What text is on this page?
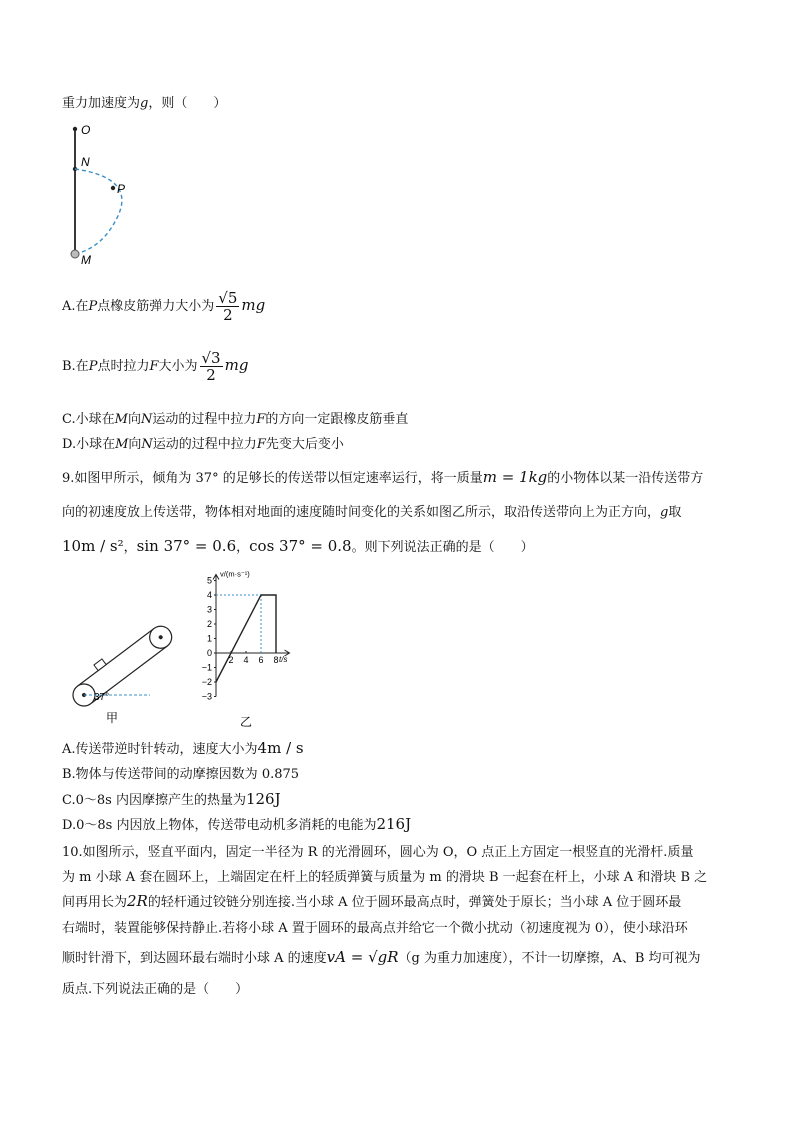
重力加速度为g，则（　　）
O
N
P
M
A.在P点橡皮筋弹力大小为 $\frac{√5}{2}$ mg
B.在P点时拉力F大小为 $\frac{√3}{2}$ mg
C.小球在M向N运动的过程中拉力F的方向一定跟橡皮筋垂直
D.小球在M向N运动的过程中拉力F先变大后变小
9.如图甲所示，倾角为 37° 的足够长的传送带以恒定速率运行，将一质量m = 1kg的小物体以某一沿传送带方
向的初速度放上传送带，物体相对地面的速度随时间变化的关系如图乙所示，取沿传送带向上为正方向，g取
10m / s²，sin 37° = 0.6，cos 37° = 0.8。则下列说法正确的是（　　）
37°
甲
v/(m·s⁻¹)
t/s
−3
−2
−1
0
1
2
3
4
5
2 4 6 8
乙
A.传送带逆时针转动，速度大小为4m / s
B.物体与传送带间的动摩擦因数为 0.875
C.0～8s 内因摩擦产生的热量为126J
D.0～8s 内因放上物体，传送带电动机多消耗的电能为216J
10.如图所示，竖直平面内，固定一半径为 R 的光滑圆环，圆心为 O，O 点正上方固定一根竖直的光滑杆.质量
为 m 小球 A 套在圆环上，上端固定在杆上的轻质弹簧与质量为 m 的滑块 B 一起套在杆上，小球 A 和滑块 B 之
间再用长为2R的轻杆通过铰链分别连接.当小球 A 位于圆环最高点时，弹簧处于原长；当小球 A 位于圆环最
右端时，装置能够保持静止.若将小球 A 置于圆环的最高点并给它一个微小扰动（初速度视为 0），使小球沿环
顺时针滑下，到达圆环最右端时小球 A 的速度vA = √gR（g 为重力加速度），不计一切摩擦，A、B 均可视为
质点.下列说法正确的是（　　）
